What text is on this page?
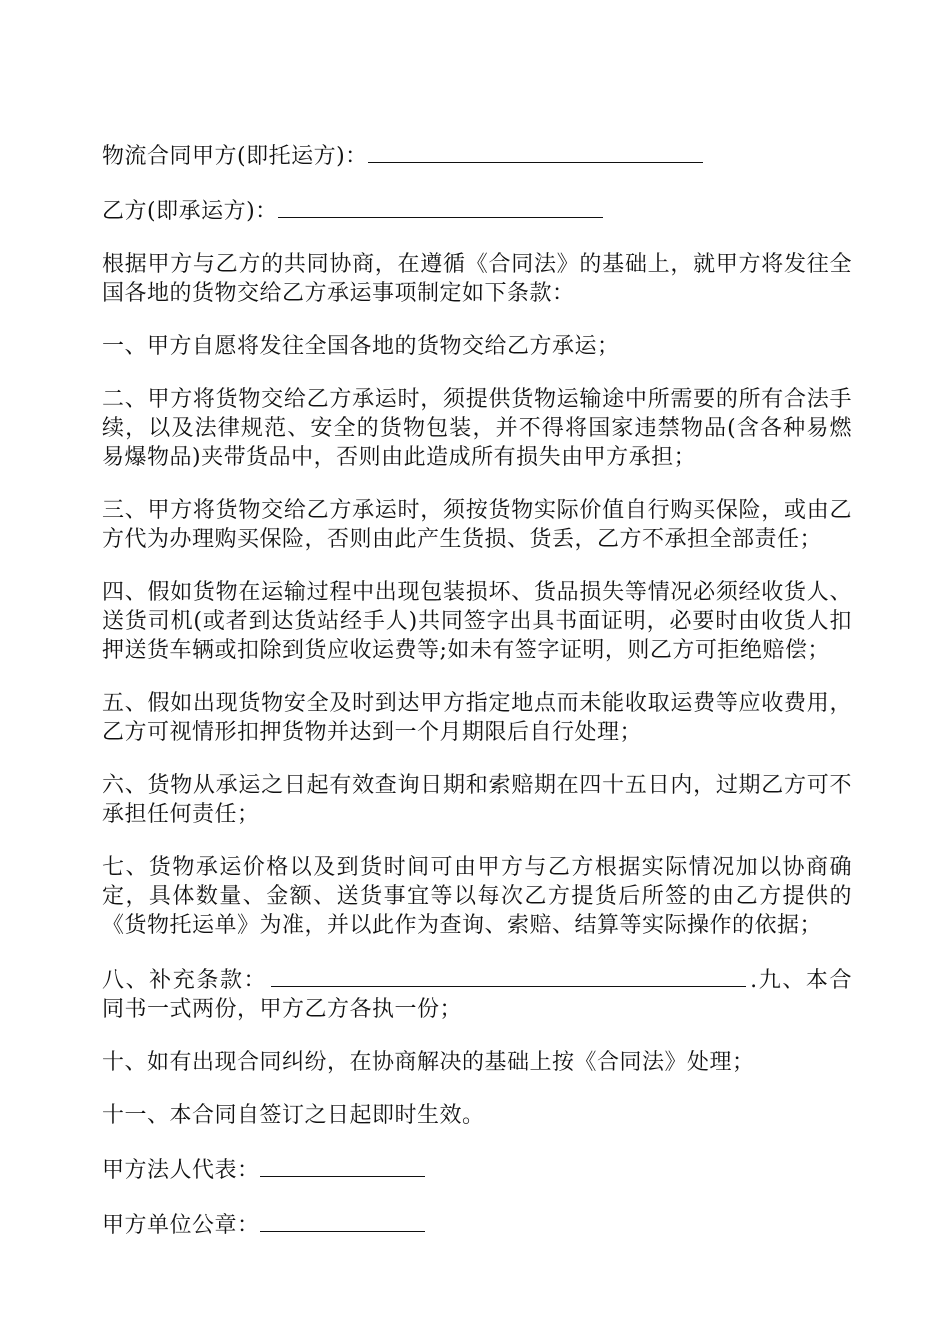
物流合同甲方(即托运方)：

乙方(即承运方)：

根据甲方与乙方的共同协商，在遵循《合同法》的基础上，就甲方将发往全国各地的货物交给乙方承运事项制定如下条款：

一、甲方自愿将发往全国各地的货物交给乙方承运；

二、甲方将货物交给乙方承运时，须提供货物运输途中所需要的所有合法手续，以及法律规范、安全的货物包装，并不得将国家违禁物品(含各种易燃易爆物品)夹带货品中，否则由此造成所有损失由甲方承担；

三、甲方将货物交给乙方承运时，须按货物实际价值自行购买保险，或由乙方代为办理购买保险，否则由此产生货损、货丢，乙方不承担全部责任；

四、假如货物在运输过程中出现包装损坏、货品损失等情况必须经收货人、送货司机(或者到达货站经手人)共同签字出具书面证明，必要时由收货人扣押送货车辆或扣除到货应收运费等;如未有签字证明，则乙方可拒绝赔偿；

五、假如出现货物安全及时到达甲方指定地点而未能收取运费等应收费用，乙方可视情形扣押货物并达到一个月期限后自行处理；

六、货物从承运之日起有效查询日期和索赔期在四十五日内，过期乙方可不承担任何责任；

七、货物承运价格以及到货时间可由甲方与乙方根据实际情况加以协商确定，具体数量、金额、送货事宜等以每次乙方提货后所签的由乙方提供的《货物托运单》为准，并以此作为查询、索赔、结算等实际操作的依据；

八、补充条款：	.九、本合同书一式两份，甲方乙方各执一份；

十、如有出现合同纠纷，在协商解决的基础上按《合同法》处理；

十一、本合同自签订之日起即时生效。

甲方法人代表：

甲方单位公章：
